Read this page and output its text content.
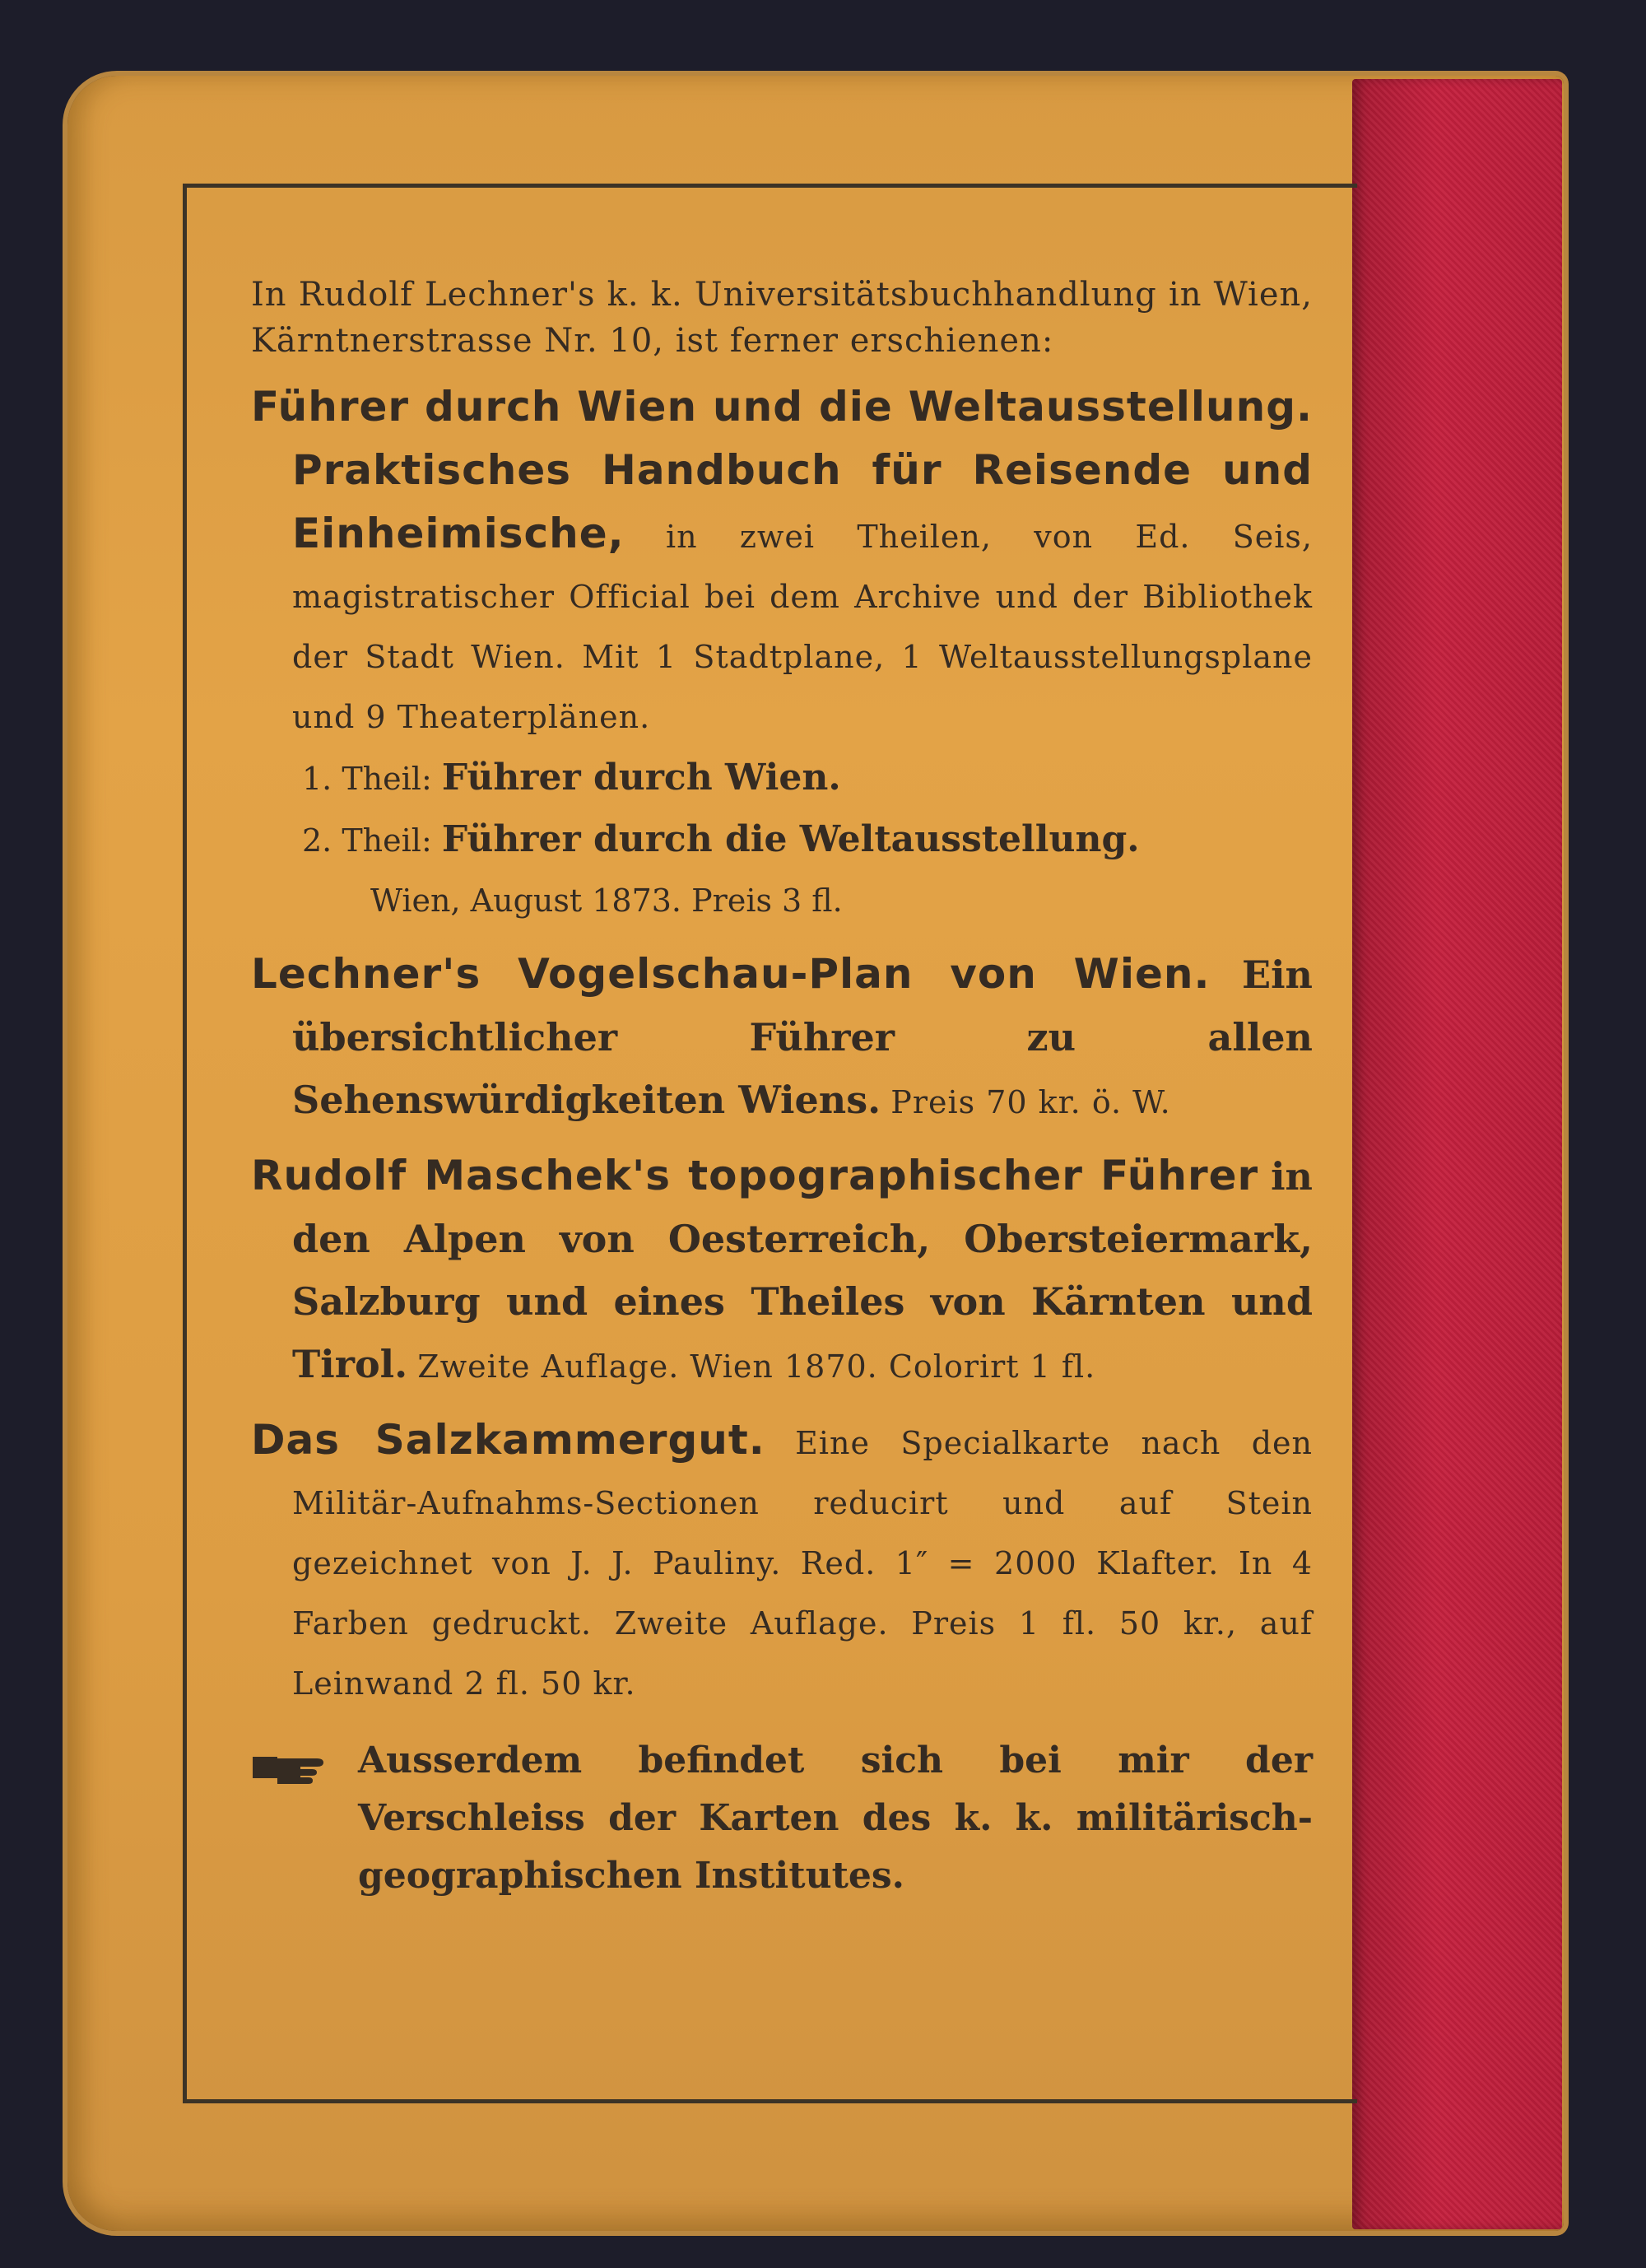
In Rudolf Lechner's k. k. Universitätsbuchhandlung in Wien, Kärntnerstrasse Nr. 10, ist ferner erschienen:

Führer durch Wien und die Weltausstellung. Praktisches Handbuch für Reisende und Einheimische, in zwei Theilen, von Ed. Seis, magistratischer Official bei dem Archive und der Bibliothek der Stadt Wien. Mit 1 Stadtplane, 1 Weltausstellungsplane und 9 Theaterplänen.

1. Theil: Führer durch Wien.

2. Theil: Führer durch die Weltausstellung.

Wien, August 1873. Preis 3 fl.

Lechner's Vogelschau-Plan von Wien. Ein übersichtlicher Führer zu allen Sehenswürdigkeiten Wiens. Preis 70 kr. ö. W.

Rudolf Maschek's topographischer Führer in den Alpen von Oesterreich, Obersteiermark, Salzburg und eines Theiles von Kärnten und Tirol. Zweite Auflage. Wien 1870. Colorirt 1 fl.

Das Salzkammergut. Eine Specialkarte nach den Militär-Aufnahms-Sectionen reducirt und auf Stein gezeichnet von J. J. Pauliny. Red. 1″ = 2000 Klafter. In 4 Farben gedruckt. Zweite Auflage. Preis 1 fl. 50 kr., auf Leinwand 2 fl. 50 kr.

Ausserdem befindet sich bei mir der Verschleiss der Karten des k. k. militärisch-geographischen Institutes.
